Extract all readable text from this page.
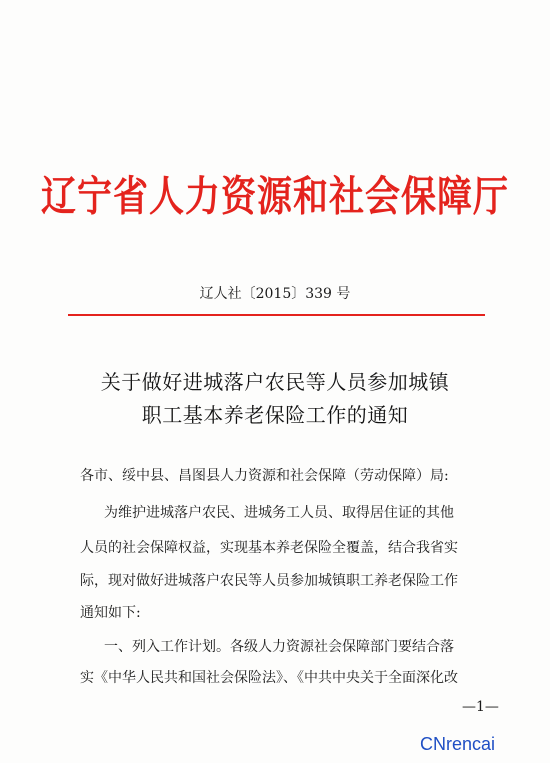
辽宁省人力资源和社会保障厅
辽人社〔2015〕339 号
关于做好进城落户农民等人员参加城镇
职工基本养老保险工作的通知
各市、绥中县、昌图县人力资源和社会保障（劳动保障）局:
为维护进城落户农民、进城务工人员、取得居住证的其他
人员的社会保障权益，实现基本养老保险全覆盖，结合我省实
际，现对做好进城落户农民等人员参加城镇职工养老保险工作
通知如下:
一、列入工作计划。各级人力资源社会保障部门要结合落
实《中华人民共和国社会保险法》、《中共中央关于全面深化改
—1—
CNrencai
